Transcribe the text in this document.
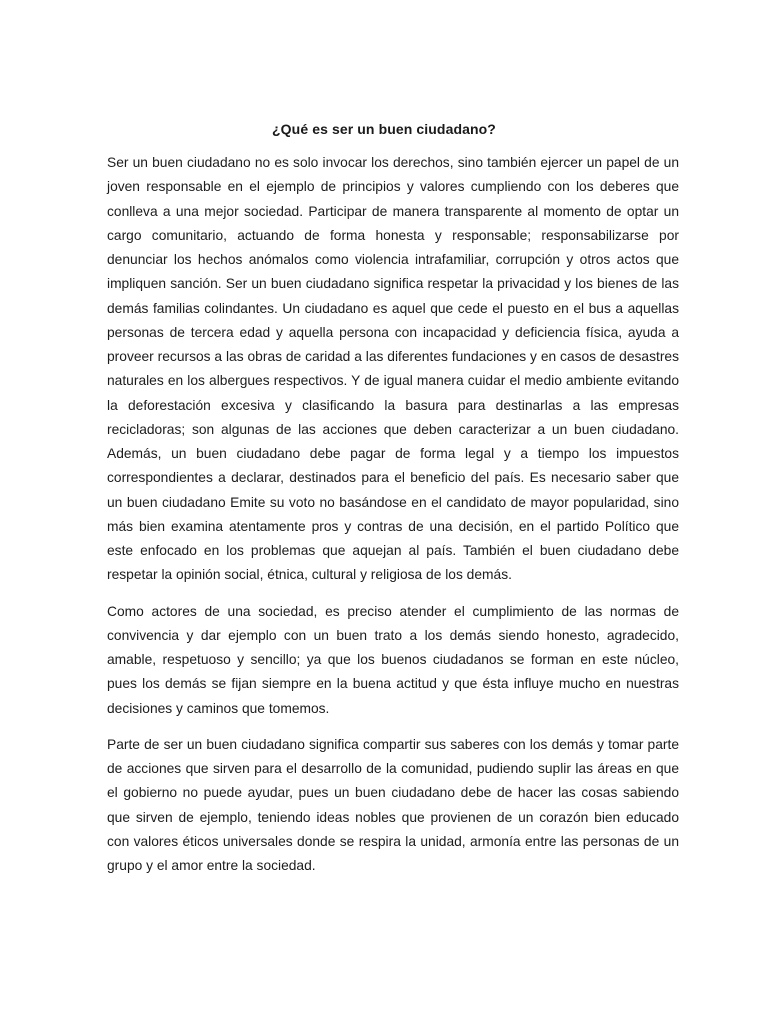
¿Qué es ser un buen ciudadano?

Ser un buen ciudadano no es solo invocar los derechos, sino también ejercer un papel de un joven responsable en el ejemplo de principios y valores cumpliendo con los deberes que conlleva a una mejor sociedad. Participar de manera transparente al momento de optar un cargo comunitario, actuando de forma honesta y responsable; responsabilizarse por denunciar los hechos anómalos como violencia intrafamiliar, corrupción y otros actos que impliquen sanción. Ser un buen ciudadano significa respetar la privacidad y los bienes de las demás familias colindantes. Un ciudadano es aquel que cede el puesto en el bus a aquellas personas de tercera edad y aquella persona con incapacidad y deficiencia física, ayuda a proveer recursos a las obras de caridad a las diferentes fundaciones y en casos de desastres naturales en los albergues respectivos. Y de igual manera cuidar el medio ambiente evitando la deforestación excesiva y clasificando la basura para destinarlas a las empresas recicladoras; son algunas de las acciones que deben caracterizar a un buen ciudadano. Además, un buen ciudadano debe pagar de forma legal y a tiempo los impuestos correspondientes a declarar, destinados para el beneficio del país. Es necesario saber que un buen ciudadano Emite su voto no basándose en el candidato de mayor popularidad, sino más bien examina atentamente pros y contras de una decisión, en el partido Político que este enfocado en los problemas que aquejan al país. También el buen ciudadano debe respetar la opinión social, étnica, cultural y religiosa de los demás.

Como actores de una sociedad, es preciso atender el cumplimiento de las normas de convivencia y dar ejemplo con un buen trato a los demás siendo honesto, agradecido, amable, respetuoso y sencillo; ya que los buenos ciudadanos se forman en este núcleo, pues los demás se fijan siempre en la buena actitud y que ésta influye mucho en nuestras decisiones y caminos que tomemos.

Parte de ser un buen ciudadano significa compartir sus saberes con los demás y tomar parte de acciones que sirven para el desarrollo de la comunidad, pudiendo suplir las áreas en que el gobierno no puede ayudar, pues un buen ciudadano debe de hacer las cosas sabiendo que sirven de ejemplo, teniendo ideas nobles que provienen de un corazón bien educado con valores éticos universales donde se respira la unidad, armonía entre las personas de un grupo y el amor entre la sociedad.
